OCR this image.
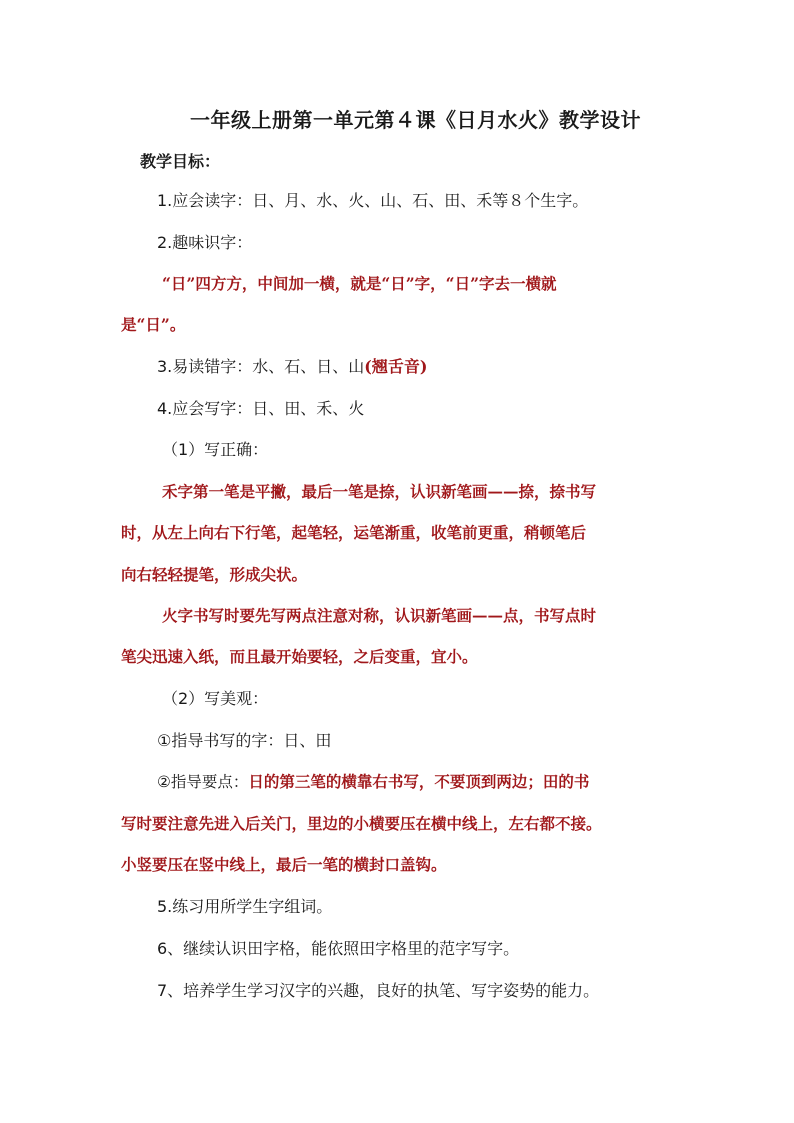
一年级上册第一单元第４课《日月水火》教学设计
教学目标：
1.应会读字：日、月、水、火、山、石、田、禾等８个生字。
2.趣味识字：
“日”四方方，中间加一横，就是“日”字，“日”字去一横就
是“日”。
3.易读错字：水、石、日、山(翘舌音)
4.应会写字：日、田、禾、火
（1）写正确：
禾字第一笔是平撇，最后一笔是捺，认识新笔画——捺，捺书写
时，从左上向右下行笔，起笔轻，运笔渐重，收笔前更重，稍顿笔后
向右轻轻提笔，形成尖状。
火字书写时要先写两点注意对称，认识新笔画——点，书写点时
笔尖迅速入纸，而且最开始要轻，之后变重，宜小。
（2）写美观：
①指导书写的字：日、田
②指导要点：日的第三笔的横靠右书写，不要顶到两边；田的书
写时要注意先进入后关门，里边的小横要压在横中线上，左右都不接。
小竖要压在竖中线上，最后一笔的横封口盖钩。
5.练习用所学生字组词。
6、继续认识田字格，能依照田字格里的范字写字。
7、培养学生学习汉字的兴趣，良好的执笔、写字姿势的能力。
